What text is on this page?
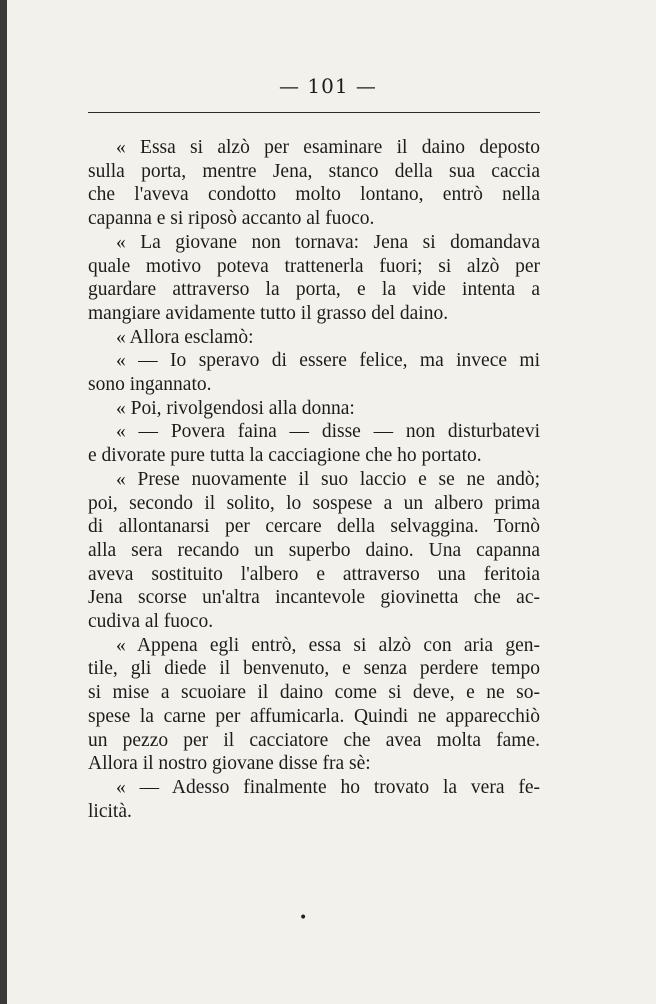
— 101 —
« Essa si alzò per esaminare il daino deposto
sulla porta, mentre Jena, stanco della sua caccia
che l'aveva condotto molto lontano, entrò nella
capanna e si riposò accanto al fuoco.
« La giovane non tornava: Jena si domandava
quale motivo poteva trattenerla fuori; si alzò per
guardare attraverso la porta, e la vide intenta a
mangiare avidamente tutto il grasso del daino.
« Allora esclamò:
« — Io speravo di essere felice, ma invece mi
sono ingannato.
« Poi, rivolgendosi alla donna:
« — Povera faina — disse — non disturbatevi
e divorate pure tutta la cacciagione che ho portato.
« Prese nuovamente il suo laccio e se ne andò;
poi, secondo il solito, lo sospese a un albero prima
di allontanarsi per cercare della selvaggina. Tornò
alla sera recando un superbo daino. Una capanna
aveva sostituito l'albero e attraverso una feritoia
Jena scorse un'altra incantevole giovinetta che ac-
cudiva al fuoco.
« Appena egli entrò, essa si alzò con aria gen-
tile, gli diede il benvenuto, e senza perdere tempo
si mise a scuoiare il daino come si deve, e ne so-
spese la carne per affumicarla. Quindi ne apparecchiò
un pezzo per il cacciatore che avea molta fame.
Allora il nostro giovane disse fra sè:
« — Adesso finalmente ho trovato la vera fe-
licità.
•
